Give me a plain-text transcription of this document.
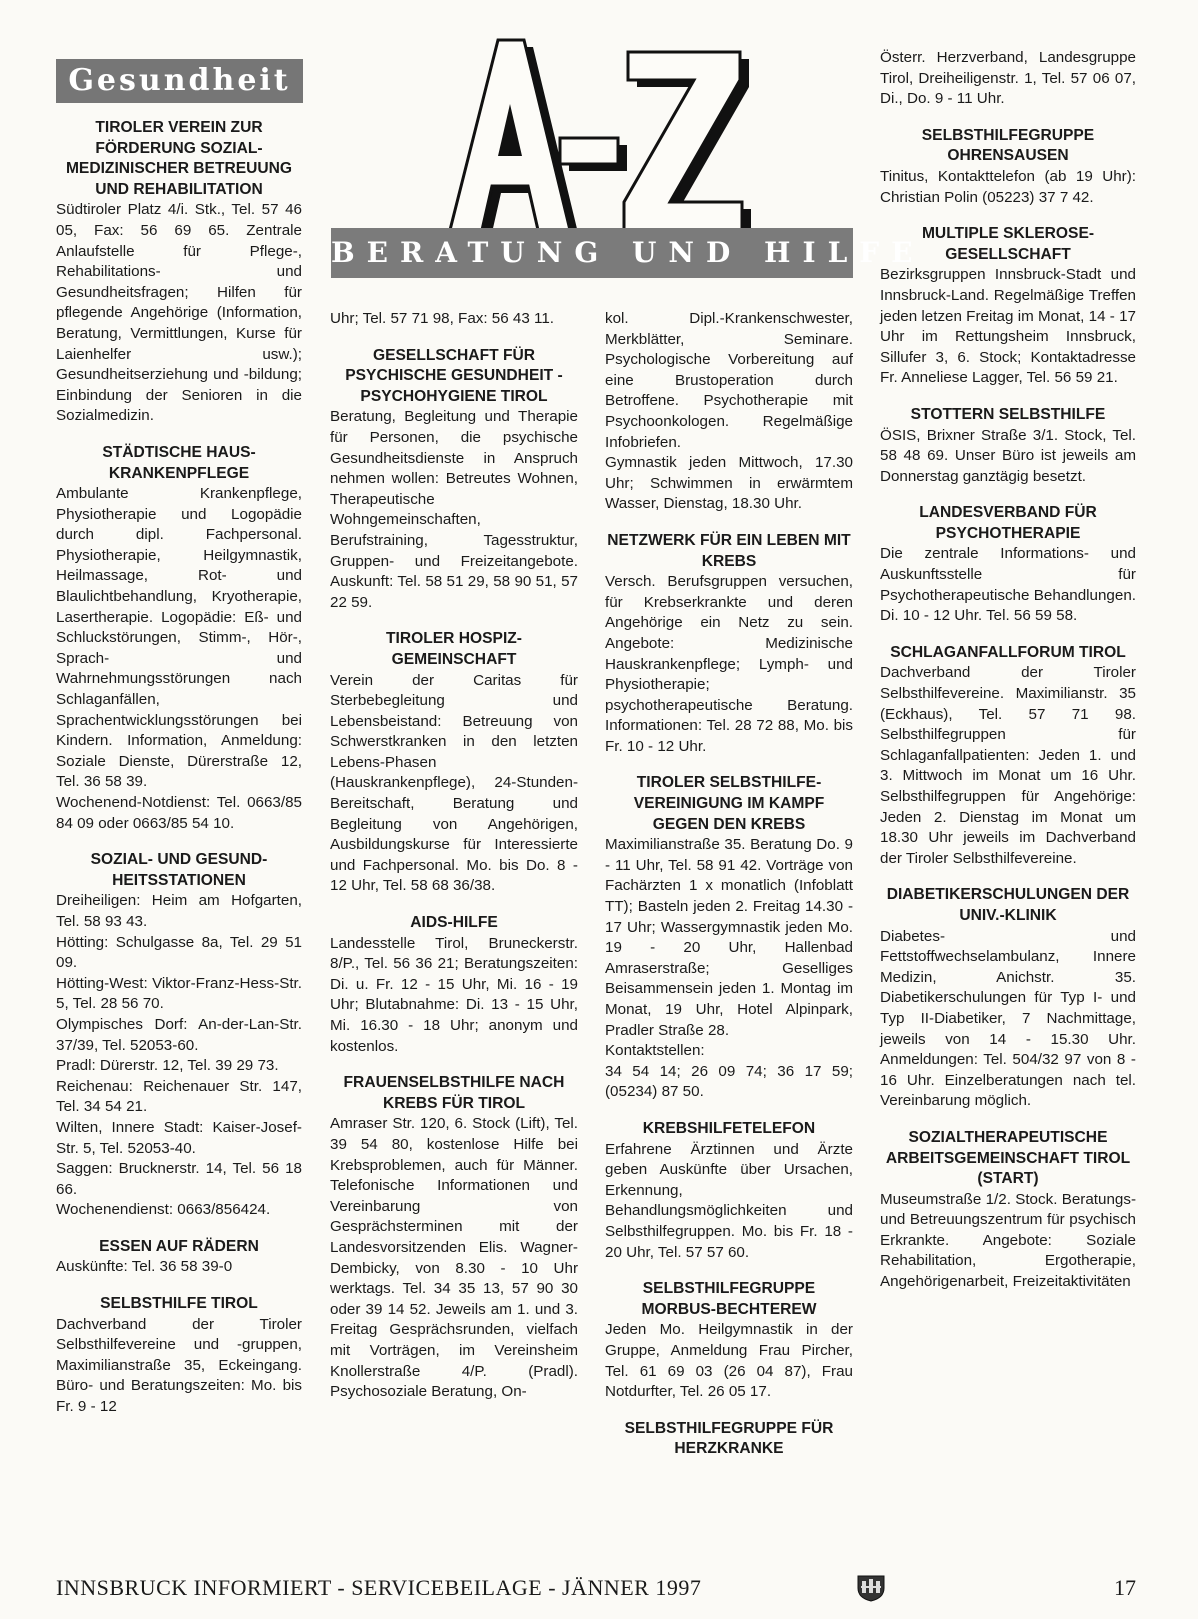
Gesundheit
A-Z
BERATUNG UND HILFE
TIROLER VEREIN ZUR FÖRDERUNG SOZIAL-MEDIZINISCHER BETREUUNG UND REHABILITATION

Südtiroler Platz 4/i. Stk., Tel. 57 46 05, Fax: 56 69 65. Zentrale Anlaufstelle für Pflege-, Rehabilitations- und Gesundheitsfragen; Hilfen für pflegende Angehörige (Information, Beratung, Vermittlungen, Kurse für Laienhelfer usw.); Gesundheitserziehung und -bildung; Einbindung der Senioren in die Sozialmedizin.

STÄDTISCHE HAUS-KRANKENPFLEGE

Ambulante Krankenpflege, Physiotherapie und Logopädie durch dipl. Fachpersonal. Physiotherapie, Heilgymnastik, Heilmassage, Rot- und Blaulichtbehandlung, Kryotherapie, Lasertherapie. Logopädie: Eß- und Schluckstörungen, Stimm-, Hör-, Sprach- und Wahrnehmungsstörungen nach Schlaganfällen, Sprachentwicklungsstörungen bei Kindern. Information, Anmeldung: Soziale Dienste, Dürerstraße 12, Tel. 36 58 39.

Wochenend-Notdienst: Tel. 0663/85 84 09 oder 0663/85 54 10.

SOZIAL- UND GESUND-HEITSSTATIONEN

Dreiheiligen: Heim am Hofgarten, Tel. 58 93 43.

Hötting: Schulgasse 8a, Tel. 29 51 09.

Hötting-West: Viktor-Franz-Hess-Str. 5, Tel. 28 56 70.

Olympisches Dorf: An-der-Lan-Str. 37/39, Tel. 52053-60.

Pradl: Dürerstr. 12, Tel. 39 29 73.

Reichenau: Reichenauer Str. 147, Tel. 34 54 21.

Wilten, Innere Stadt: Kaiser-Josef-Str. 5, Tel. 52053-40.

Saggen: Brucknerstr. 14, Tel. 56 18 66.

Wochenendienst: 0663/856424.

ESSEN AUF RÄDERN

Auskünfte: Tel. 36 58 39-0

SELBSTHILFE TIROL

Dachverband der Tiroler Selbsthilfevereine und -gruppen, Maximilianstraße 35, Eckeingang. Büro- und Beratungszeiten: Mo. bis Fr. 9 - 12

Uhr; Tel. 57 71 98, Fax: 56 43 11.

GESELLSCHAFT FÜR PSYCHISCHE GESUNDHEIT - PSYCHOHYGIENE TIROL

Beratung, Begleitung und Therapie für Personen, die psychische Gesundheitsdienste in Anspruch nehmen wollen: Betreutes Wohnen, Therapeutische Wohngemeinschaften, Berufstraining, Tagesstruktur, Gruppen- und Freizeitangebote. Auskunft: Tel. 58 51 29, 58 90 51, 57 22 59.

TIROLER HOSPIZ-GEMEINSCHAFT

Verein der Caritas für Sterbebegleitung und Lebensbeistand: Betreuung von Schwerstkranken in den letzten Lebens-Phasen (Hauskrankenpflege), 24-Stunden-Bereitschaft, Beratung und Begleitung von Angehörigen, Ausbildungskurse für Interessierte und Fachpersonal. Mo. bis Do. 8 - 12 Uhr, Tel. 58 68 36/38.

AIDS-HILFE

Landesstelle Tirol, Bruneckerstr. 8/P., Tel. 56 36 21; Beratungszeiten: Di. u. Fr. 12 - 15 Uhr, Mi. 16 - 19 Uhr; Blutabnahme: Di. 13 - 15 Uhr, Mi. 16.30 - 18 Uhr; anonym und kostenlos.

FRAUENSELBSTHILFE NACH KREBS FÜR TIROL

Amraser Str. 120, 6. Stock (Lift), Tel. 39 54 80, kostenlose Hilfe bei Krebsproblemen, auch für Männer. Telefonische Informationen und Vereinbarung von Gesprächsterminen mit der Landesvorsitzenden Elis. Wagner-Dembicky, von 8.30 - 10 Uhr werktags. Tel. 34 35 13, 57 90 30 oder 39 14 52. Jeweils am 1. und 3. Freitag Gesprächsrunden, vielfach mit Vorträgen, im Vereinsheim Knollerstraße 4/P. (Pradl). Psychosoziale Beratung, On-

kol. Dipl.-Krankenschwester, Merkblätter, Seminare. Psychologische Vorbereitung auf eine Brustoperation durch Betroffene. Psychotherapie mit Psychoonkologen. Regelmäßige Infobriefen.

Gymnastik jeden Mittwoch, 17.30 Uhr; Schwimmen in erwärmtem Wasser, Dienstag, 18.30 Uhr.

NETZWERK FÜR EIN LEBEN MIT KREBS

Versch. Berufsgruppen versuchen, für Krebserkrankte und deren Angehörige ein Netz zu sein. Angebote: Medizinische Hauskrankenpflege; Lymph- und Physiotherapie; psychotherapeutische Beratung. Informationen: Tel. 28 72 88, Mo. bis Fr. 10 - 12 Uhr.

TIROLER SELBSTHILFE-VEREINIGUNG IM KAMPF GEGEN DEN KREBS

Maximilianstraße 35. Beratung Do. 9 - 11 Uhr, Tel. 58 91 42. Vorträge von Fachärzten 1 x monatlich (Infoblatt TT); Basteln jeden 2. Freitag 14.30 - 17 Uhr; Wassergymnastik jeden Mo. 19 - 20 Uhr, Hallenbad Amraserstraße; Geselliges Beisammensein jeden 1. Montag im Monat, 19 Uhr, Hotel Alpinpark, Pradler Straße 28.

Kontaktstellen:

34 54 14; 26 09 74; 36 17 59; (05234) 87 50.

KREBSHILFETELEFON

Erfahrene Ärztinnen und Ärzte geben Auskünfte über Ursachen, Erkennung, Behandlungsmöglichkeiten und Selbsthilfegruppen. Mo. bis Fr. 18 - 20 Uhr, Tel. 57 57 60.

SELBSTHILFEGRUPPE MORBUS-BECHTEREW

Jeden Mo. Heilgymnastik in der Gruppe, Anmeldung Frau Pircher, Tel. 61 69 03 (26 04 87), Frau Notdurfter, Tel. 26 05 17.

SELBSTHILFEGRUPPE FÜR HERZKRANKE

Österr. Herzverband, Landesgruppe Tirol, Dreiheiligenstr. 1, Tel. 57 06 07, Di., Do. 9 - 11 Uhr.

SELBSTHILFEGRUPPE OHRENSAUSEN

Tinitus, Kontakttelefon (ab 19 Uhr): Christian Polin (05223) 37 7 42.

MULTIPLE SKLEROSE-GESELLSCHAFT

Bezirksgruppen Innsbruck-Stadt und Innsbruck-Land. Regelmäßige Treffen jeden letzen Freitag im Monat, 14 - 17 Uhr im Rettungsheim Innsbruck, Sillufer 3, 6. Stock; Kontaktadresse Fr. Anneliese Lagger, Tel. 56 59 21.

STOTTERN SELBSTHILFE

ÖSIS, Brixner Straße 3/1. Stock, Tel. 58 48 69. Unser Büro ist jeweils am Donnerstag ganztägig besetzt.

LANDESVERBAND FÜR PSYCHOTHERAPIE

Die zentrale Informations- und Auskunftsstelle für Psychotherapeutische Behandlungen. Di. 10 - 12 Uhr. Tel. 56 59 58.

SCHLAGANFALLFORUM TIROL

Dachverband der Tiroler Selbsthilfevereine. Maximilianstr. 35 (Eckhaus), Tel. 57 71 98. Selbsthilfegruppen für Schlaganfallpatienten: Jeden 1. und 3. Mittwoch im Monat um 16 Uhr. Selbsthilfegruppen für Angehörige: Jeden 2. Dienstag im Monat um 18.30 Uhr jeweils im Dachverband der Tiroler Selbsthilfevereine.

DIABETIKERSCHULUNGEN DER UNIV.-KLINIK

Diabetes- und Fettstoffwechselambulanz, Innere Medizin, Anichstr. 35. Diabetikerschulungen für Typ I- und Typ II-Diabetiker, 7 Nachmittage, jeweils von 14 - 15.30 Uhr. Anmeldungen: Tel. 504/32 97 von 8 - 16 Uhr. Einzelberatungen nach tel. Vereinbarung möglich.

SOZIALTHERAPEUTISCHE ARBEITSGEMEINSCHAFT TIROL (START)

Museumstraße 1/2. Stock. Beratungs- und Betreuungszentrum für psychisch Erkrankte. Angebote: Soziale Rehabilitation, Ergotherapie, Angehörigenarbeit, Freizeitaktivitäten

INNSBRUCK INFORMIERT - SERVICEBEILAGE - JÄNNER 1997	17
